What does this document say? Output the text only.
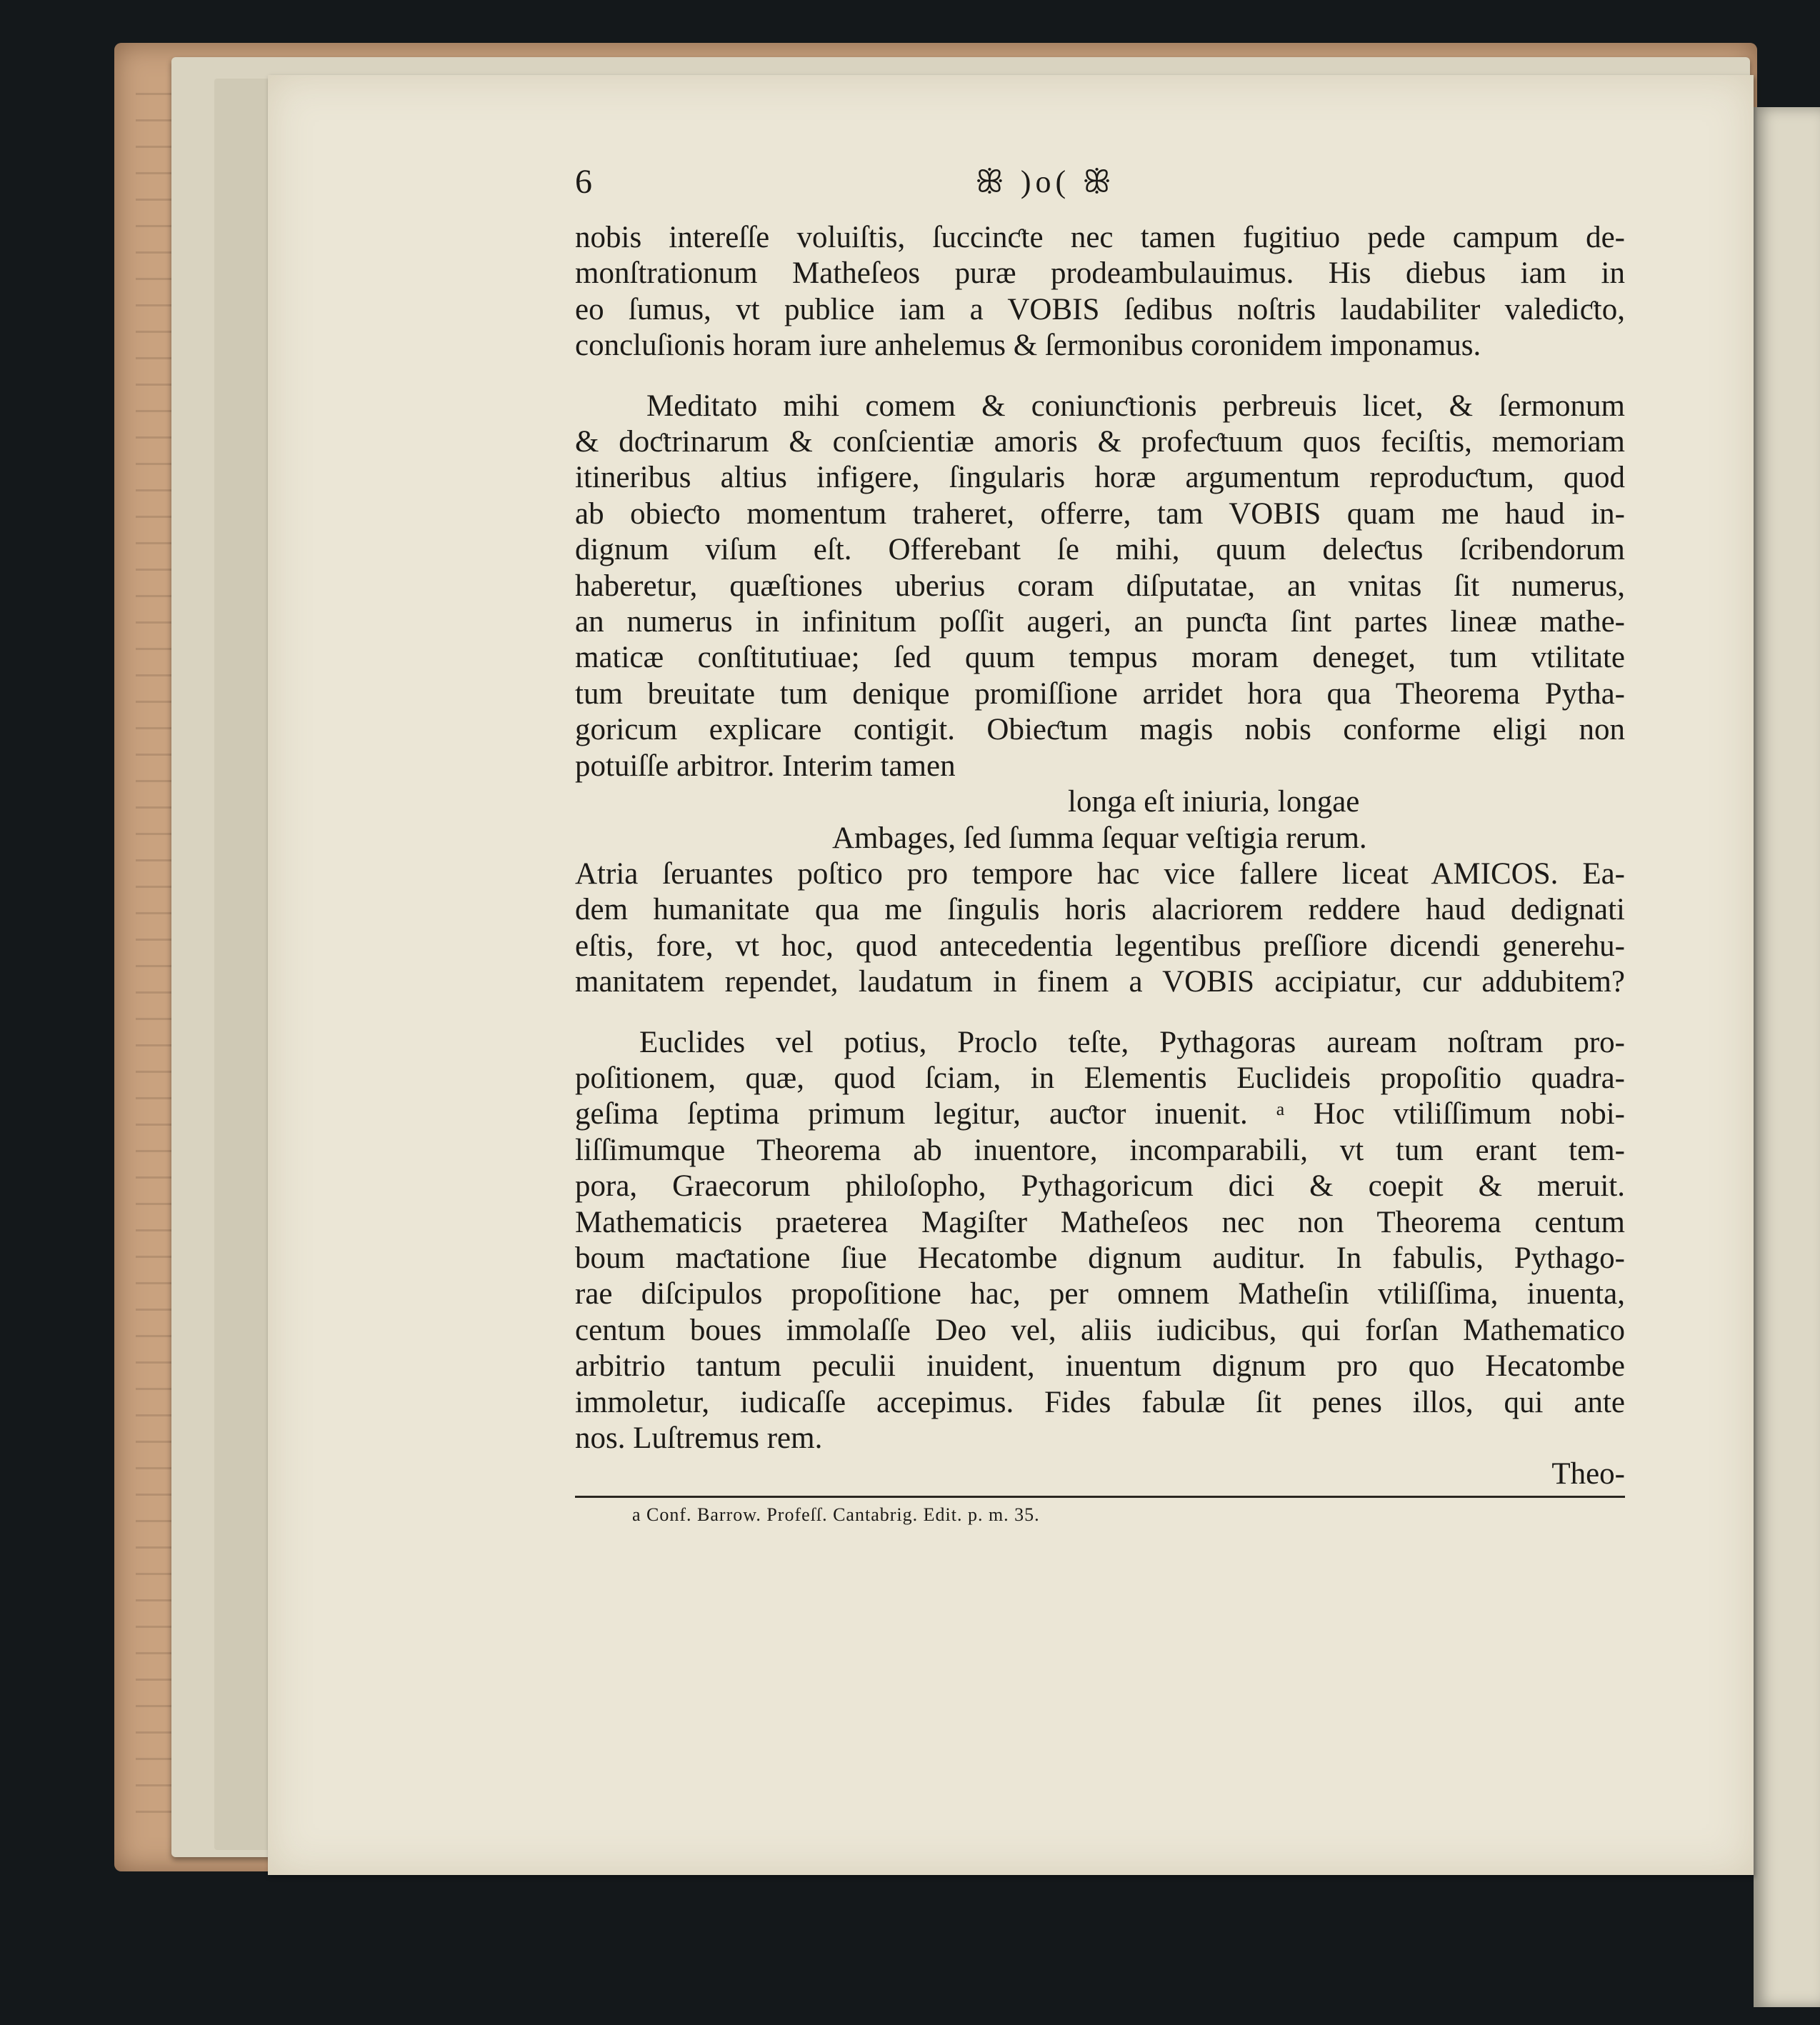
6	ꕥ )o( ꕥ
nobis intereſſe voluiſtis, ſuccinƈte nec tamen fugitiuo pede campum de-
monſtrationum Matheſeos puræ prodeambulauimus. His diebus iam in
eo ſumus, vt publice iam a VOBIS ſedibus noſtris laudabiliter valediƈto,
concluſionis horam iure anhelemus & ſermonibus coronidem imponamus.
Meditato mihi comem & coniunƈtionis perbreuis licet, & ſermonum
& doƈtrinarum & conſcientiæ amoris & profeƈtuum quos feciſtis, memoriam
itineribus altius infigere, ſingularis horæ argumentum reproduƈtum, quod
ab obieƈto momentum traheret, offerre, tam VOBIS quam me haud in-
dignum viſum eſt. Offerebant ſe mihi, quum deleƈtus ſcribendorum
haberetur, quæſtiones uberius coram diſputatae, an vnitas ſit numerus,
an numerus in infinitum poſſit augeri, an punƈta ſint partes lineæ mathe-
maticæ conſtitutiuae; ſed quum tempus moram deneget, tum vtilitate
tum breuitate tum denique promiſſione arridet hora qua Theorema Pytha-
goricum explicare contigit. Obieƈtum magis nobis conforme eligi non
potuiſſe arbitror. Interim tamen
longa eſt iniuria, longae
Ambages, ſed ſumma ſequar veſtigia rerum.
Atria ſeruantes poſtico pro tempore hac vice fallere liceat AMICOS. Ea-
dem humanitate qua me ſingulis horis alacriorem reddere haud dedignati
eſtis, fore, vt hoc, quod antecedentia legentibus preſſiore dicendi generehu-
manitatem rependet, laudatum in finem a VOBIS accipiatur, cur addubitem?
Euclides vel potius, Proclo teſte, Pythagoras auream noſtram pro-
poſitionem, quæ, quod ſciam, in Elementis Euclideis propoſitio quadra-
geſima ſeptima primum legitur, auƈtor inuenit. ᵃ Hoc vtiliſſimum nobi-
liſſimumque Theorema ab inuentore, incomparabili, vt tum erant tem-
pora, Graecorum philoſopho, Pythagoricum dici & coepit & meruit.
Mathematicis praeterea Magiſter Matheſeos nec non Theorema centum
boum maƈtatione ſiue Hecatombe dignum auditur. In fabulis, Pythago-
rae diſcipulos propoſitione hac, per omnem Matheſin vtiliſſima, inuenta,
centum boues immolaſſe Deo vel, aliis iudicibus, qui forſan Mathematico
arbitrio tantum peculii inuident, inuentum dignum pro quo Hecatombe
immoletur, iudicaſſe accepimus. Fides fabulæ ſit penes illos, qui ante
nos. Luſtremus rem.
Theo-
a Conf. Barrow. Profeſſ. Cantabrig. Edit. p. m. 35.
